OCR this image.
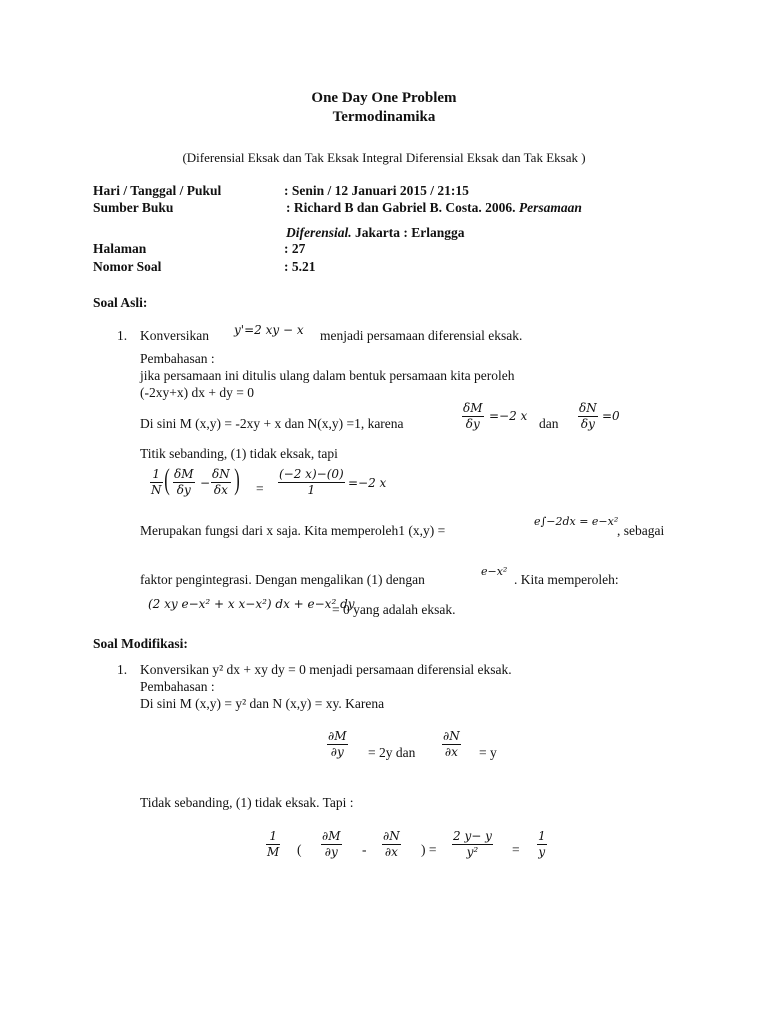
One Day One Problem
Termodinamika
(Diferensial Eksak dan Tak Eksak Integral Diferensial Eksak dan Tak Eksak )
Hari / Tanggal / Pukul	: Senin / 12 Januari 2015 / 21:15
Sumber Buku	: Richard B dan Gabriel B. Costa. 2006. Persamaan
Diferensial. Jakarta : Erlangga
Halaman	: 27
Nomor Soal	: 5.21
Soal Asli:
1. Konversikan y'=2 xy − x menjadi persamaan diferensial eksak.
Pembahasan :
jika persamaan ini ditulis ulang dalam bentuk persamaan kita peroleh
(-2xy+x) dx + dy = 0
Di sini M (x,y) = -2xy + x dan N(x,y) =1, karena	$\frac{\delta M}{\delta y} =-2$ x dan $\frac{\delta N}{\delta y} =0$
Titik sebanding, (1) tidak eksak, tapi
$\frac{1}{N}$ ( $\frac{\delta M}{\delta y} - \frac{\delta N}{\delta x}$ ) = $\frac{(-2 x)-(0)}{1} =-2$ x
Merupakan fungsi dari x saja. Kita memperoleh1 (x,y) =
e∫−2dx = e−x²
, sebagai
faktor pengintegrasi. Dengan mengalikan (1) dengan
e−x²
. Kita memperoleh:
(2 xy e−x² + x x−x²) dx + e−x² dy
= 0 yang adalah eksak.
Soal Modifikasi:
1. Konversikan y² dx + xy dy = 0 menjadi persamaan diferensial eksak.
Pembahasan :
Di sini M (x,y) = y² dan N (x,y) = xy. Karena
$\frac{\partial M}{\partial y} = 2y$ dan $\frac{\partial N}{\partial x} = y$
Tidak sebanding, (1) tidak eksak. Tapi :
$\frac{1}{M}$ ( $\frac{\partial M}{\partial y} - \frac{\partial N}{\partial x}$ ) = $\frac{2 y- y}{\text{y²}} = \frac{1}{y}$
